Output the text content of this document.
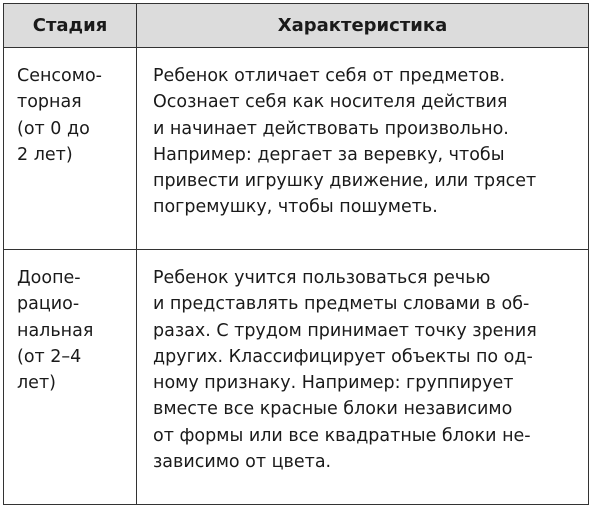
Стадия	Характеристика
Сенсомо-
торная
(от 0 до
2 лет)
Ребенок отличает себя от предметов.
Осознает себя как носителя действия
и начинает действовать произвольно.
Например: дергает за веревку, чтобы
привести игрушку движение, или трясет
погремушку, чтобы пошуметь.
Доопе-
рацио-
нальная
(от 2–4
лет)
Ребенок учится пользоваться речью
и представлять предметы словами в об-
разах. С трудом принимает точку зрения
других. Классифицирует объекты по од-
ному признаку. Например: группирует
вместе все красные блоки независимо
от формы или все квадратные блоки не-
зависимо от цвета.
